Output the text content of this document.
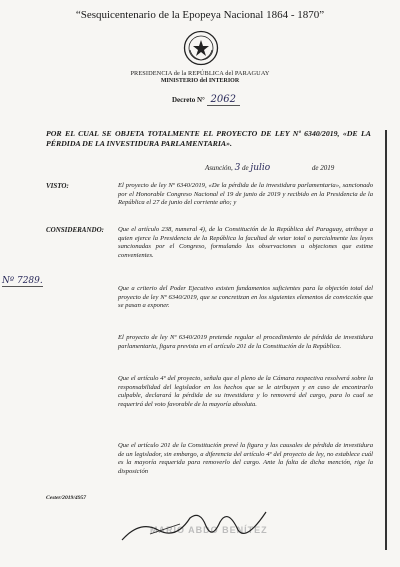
“Sesquicentenario de la Epopeya Nacional 1864 - 1870”
PRESIDENCIA de la REPÚBLICA del PARAGUAY
MINISTERIO del INTERIOR
Decreto N° 2062
POR EL CUAL SE OBJETA TOTALMENTE EL PROYECTO DE LEY Nº 6340/2019, «DE LA PÉRDIDA DE LA INVESTIDURA PARLAMENTARIA».
Asunción, 3 de julio	de 2019
VISTO:	El proyecto de ley Nº 6340/2019, «De la pérdida de la investidura parlamentaria», sancionado por el Honorable Congreso Nacional el 19 de junio de 2019 y recibido en la Presidencia de la República el 27 de junio del corriente año; y
CONSIDERANDO: Que el artículo 238, numeral 4), de la Constitución de la República del Paraguay, atribuye a quien ejerce la Presidencia de la República la facultad de vetar total o parcialmente las leyes sancionadas por el Congreso, formulando las observaciones u objeciones que estime convenientes.
Que a criterio del Poder Ejecutivo existen fundamentos suficientes para la objeción total del proyecto de ley Nº 6340/2019, que se concretizan en los siguientes elementos de convicción que se pasan a exponer.
El proyecto de ley Nº 6340/2019 pretende regular el procedimiento de pérdida de investidura parlamentaria, figura prevista en el artículo 201 de la Constitución de la República.
Que el artículo 4º del proyecto, señala que el pleno de la Cámara respectiva resolverá sobre la responsabilidad del legislador en los hechos que se le atribuyen y en caso de encontrarlo culpable, declarará la pérdida de su investidura y lo removerá del cargo, para lo cual se requerirá del voto favorable de la mayoría absoluta.
Que el artículo 201 de la Constitución prevé la figura y las causales de pérdida de investidura de un legislador, sin embargo, a diferencia del artículo 4º del proyecto de ley, no establece cuál es la mayoría requerida para removerlo del cargo. Ante la falta de dicha mención, rige la disposición
Nº 7289.
Cester/2019/4957
MARIO ABDO BENÍTEZ
